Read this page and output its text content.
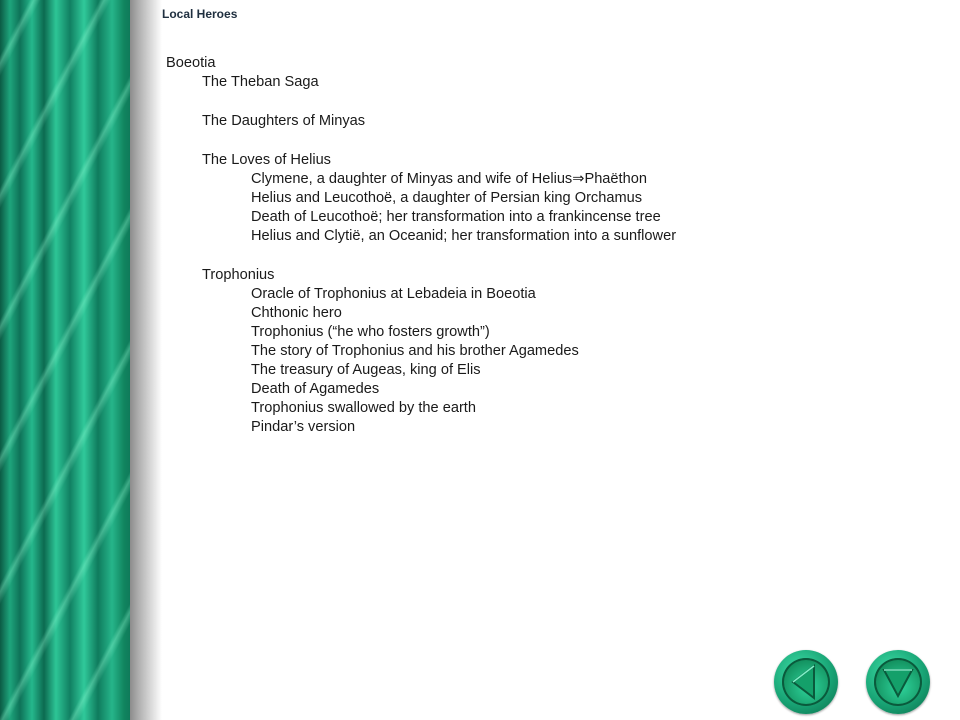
Local Heroes
Boeotia
The Theban Saga
The Daughters of Minyas
The Loves of Helius
Clymene, a daughter of Minyas and wife of Helius⇒Phaëthon
Helius and Leucothoë, a daughter of Persian king Orchamus
Death of Leucothoë; her transformation into a frankincense tree
Helius and Clytië, an Oceanid; her transformation into a sunflower
Trophonius
Oracle of Trophonius at Lebadeia in Boeotia
Chthonic hero
Trophonius (“he who fosters growth”)
The story of Trophonius and his brother Agamedes
The treasury of Augeas, king of Elis
Death of Agamedes
Trophonius swallowed by the earth
Pindar’s version
